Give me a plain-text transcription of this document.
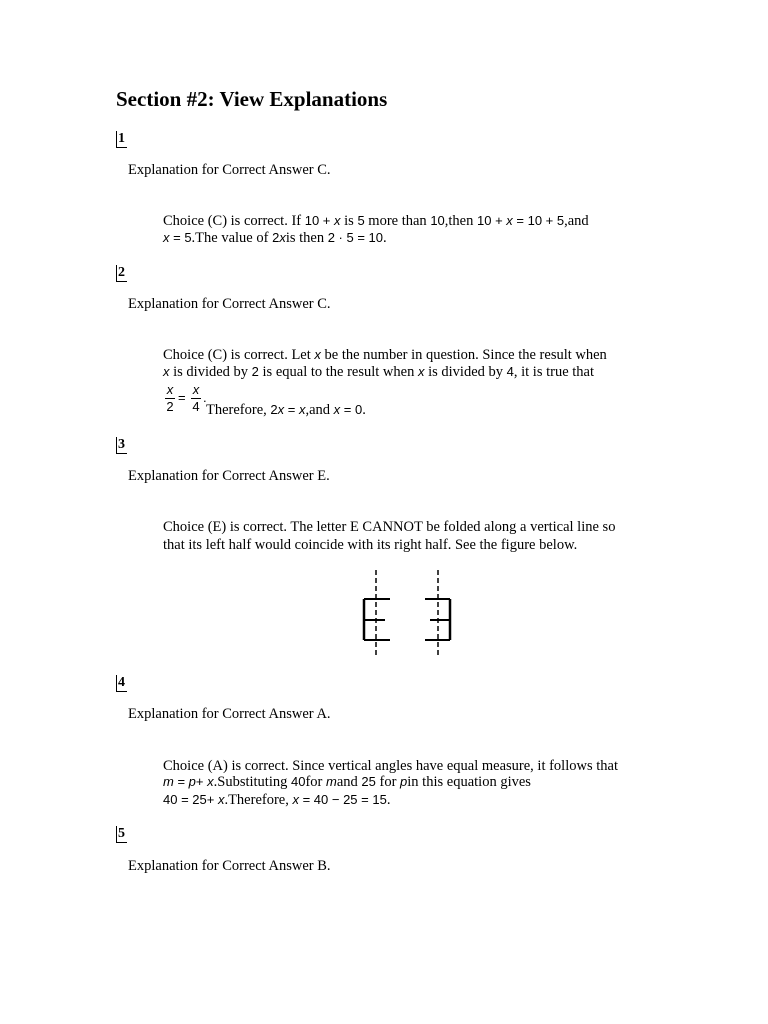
Section #2: View Explanations
1
Explanation for Correct Answer C.
Choice (C) is correct. If 10 + x is 5 more than 10,then 10 + x = 10 + 5,and
x = 5.The value of 2xis then 2 · 5 = 10.
2
Explanation for Correct Answer C.
Choice (C) is correct. Let x be the number in question. Since the result when
x is divided by 2 is equal to the result when x is divided by 4, it is true that
x
2
=
x
4
.
Therefore, 2x = x,and x = 0.
3
Explanation for Correct Answer E.
Choice (E) is correct. The letter E CANNOT be folded along a vertical line so
that its left half would coincide with its right half. See the figure below.
4
Explanation for Correct Answer A.
Choice (A) is correct. Since vertical angles have equal measure, it follows that
m = p+ x.Substituting 40for mand 25 for pin this equation gives
40 = 25+ x.Therefore, x = 40 − 25 = 15.
5
Explanation for Correct Answer B.
